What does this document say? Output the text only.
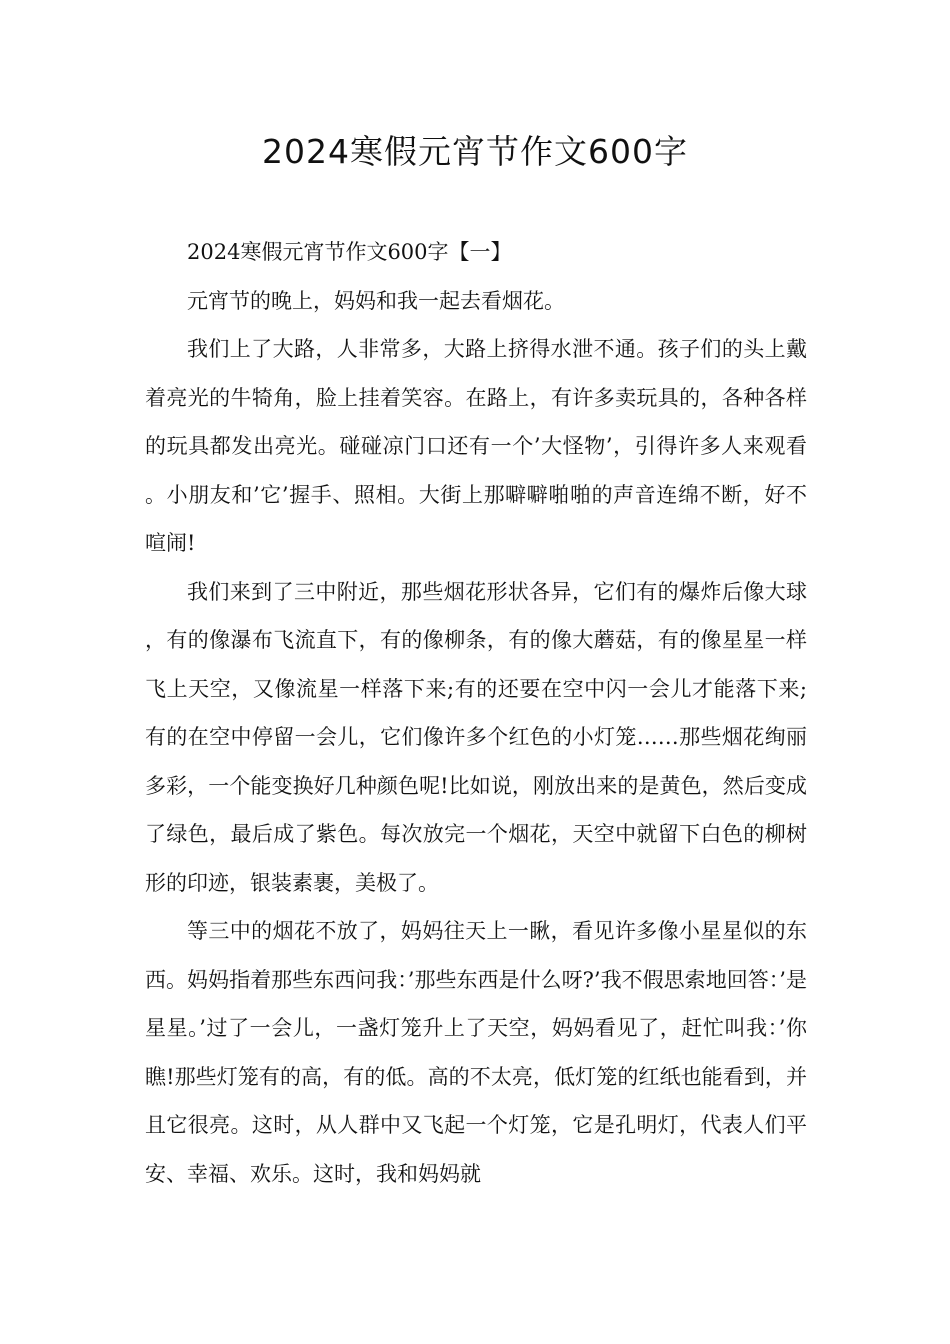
2024寒假元宵节作文600字

2024寒假元宵节作文600字【一】

元宵节的晚上，妈妈和我一起去看烟花。

我们上了大路，人非常多，大路上挤得水泄不通。孩子们的头上戴着亮光的牛犄角，脸上挂着笑容。在路上，有许多卖玩具的，各种各样的玩具都发出亮光。碰碰凉门口还有一个’大怪物’，引得许多人来观看。小朋友和’它’握手、照相。大街上那噼噼啪啪的声音连绵不断，好不喧闹!

我们来到了三中附近，那些烟花形状各异，它们有的爆炸后像大球，有的像瀑布飞流直下，有的像柳条，有的像大蘑菇，有的像星星一样飞上天空，又像流星一样落下来;有的还要在空中闪一会儿才能落下来;有的在空中停留一会儿，它们像许多个红色的小灯笼……那些烟花绚丽多彩，一个能变换好几种颜色呢!比如说，刚放出来的是黄色，然后变成了绿色，最后成了紫色。每次放完一个烟花，天空中就留下白色的柳树形的印迹，银装素裹，美极了。

等三中的烟花不放了，妈妈往天上一瞅，看见许多像小星星似的东西。妈妈指着那些东西问我：’那些东西是什么呀?’我不假思索地回答：’是星星。’过了一会儿，一盏灯笼升上了天空，妈妈看见了，赶忙叫我：’你瞧!那些灯笼有的高，有的低。高的不太亮，低灯笼的红纸也能看到，并且它很亮。这时，从人群中又飞起一个灯笼，它是孔明灯，代表人们平安、幸福、欢乐。这时，我和妈妈就
